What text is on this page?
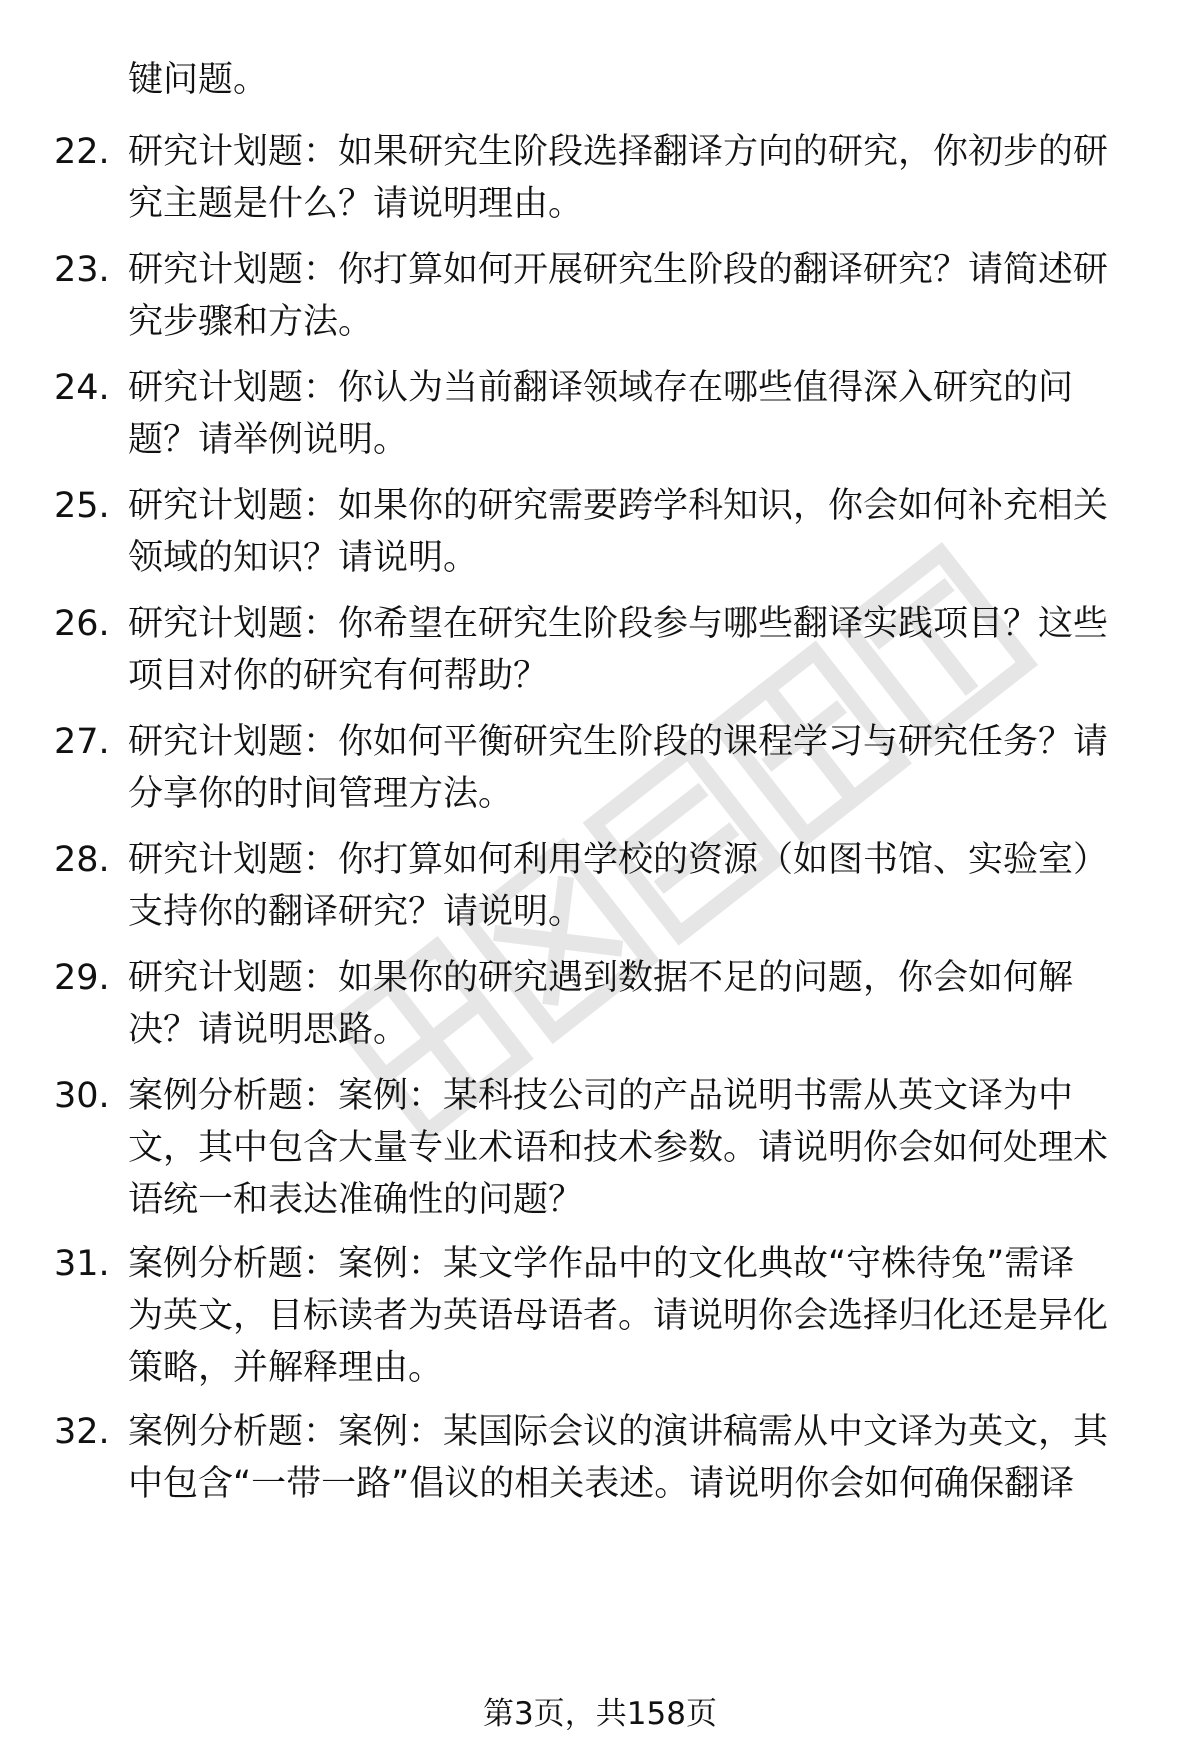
键问题。
22. 研究计划题：如果研究生阶段选择翻译方向的研究，你初步的研
究主题是什么？请说明理由。
23. 研究计划题：你打算如何开展研究生阶段的翻译研究？请简述研
究步骤和方法。
24. 研究计划题：你认为当前翻译领域存在哪些值得深入研究的问
题？请举例说明。
25. 研究计划题：如果你的研究需要跨学科知识，你会如何补充相关
领域的知识？请说明。
26. 研究计划题：你希望在研究生阶段参与哪些翻译实践项目？这些
项目对你的研究有何帮助？
27. 研究计划题：你如何平衡研究生阶段的课程学习与研究任务？请
分享你的时间管理方法。
28. 研究计划题：你打算如何利用学校的资源（如图书馆、实验室）
支持你的翻译研究？请说明。
29. 研究计划题：如果你的研究遇到数据不足的问题，你会如何解
决？请说明思路。
30. 案例分析题：案例：某科技公司的产品说明书需从英文译为中
文，其中包含大量专业术语和技术参数。请说明你会如何处理术
语统一和表达准确性的问题？
31. 案例分析题：案例：某文学作品中的文化典故“守株待兔”需译
为英文，目标读者为英语母语者。请说明你会选择归化还是异化
策略，并解释理由。
32. 案例分析题：案例：某国际会议的演讲稿需从中文译为英文，其
中包含“一带一路”倡议的相关表述。请说明你会如何确保翻译
第3页，共158页
